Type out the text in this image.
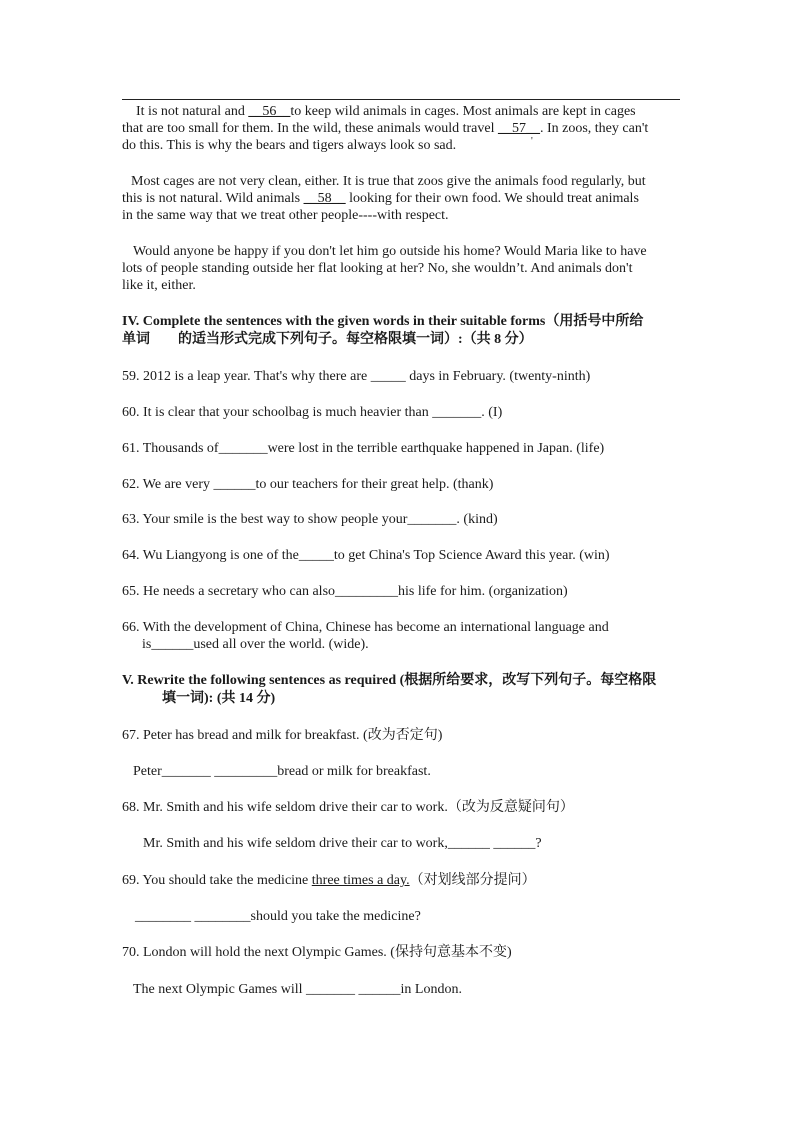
It is not natural and __56__to keep wild animals in cages. Most animals are kept in cages
that are too small for them. In the wild, these animals would travel __57__. In zoos, they can't
do this. This is why the bears and tigers always look so sad.	'
Most cages are not very clean, either. It is true that zoos give the animals food regularly, but
this is not natural. Wild animals __58__ looking for their own food. We should treat animals
in the same way that we treat other people----with respect.
Would anyone be happy if you don't let him go outside his home? Would Maria like to have
lots of people standing outside her flat looking at her? No, she wouldn’t. And animals don't
like it, either.
IV. Complete the sentences with the given words in their suitable forms（用括号中所给
单词        的适当形式完成下列句子。每空格限填一词）:（共 8 分）
59. 2012 is a leap year. That's why there are _____ days in February. (twenty-ninth)
60. It is clear that your schoolbag is much heavier than _______. (I)
61. Thousands of_______were lost in the terrible earthquake happened in Japan. (life)
62. We are very ______to our teachers for their great help. (thank)
63. Your smile is the best way to show people your_______. (kind)
64. Wu Liangyong is one of the_____to get China's Top Science Award this year. (win)
65. He needs a secretary who can also_________his life for him. (organization)
66. With the development of China, Chinese has become an international language and
is______used all over the world. (wide).
V. Rewrite the following sentences as required (根据所给要求，改写下列句子。每空格限
填一词): (共 14 分)
67. Peter has bread and milk for breakfast. (改为否定句)
Peter_______ _________bread or milk for breakfast.
68. Mr. Smith and his wife seldom drive their car to work.（改为反意疑问句）
Mr. Smith and his wife seldom drive their car to work,______ ______?
69. You should take the medicine three times a day.（对划线部分提问）
________ ________should you take the medicine?
70. London will hold the next Olympic Games. (保持句意基本不变)
The next Olympic Games will _______ ______in London.
